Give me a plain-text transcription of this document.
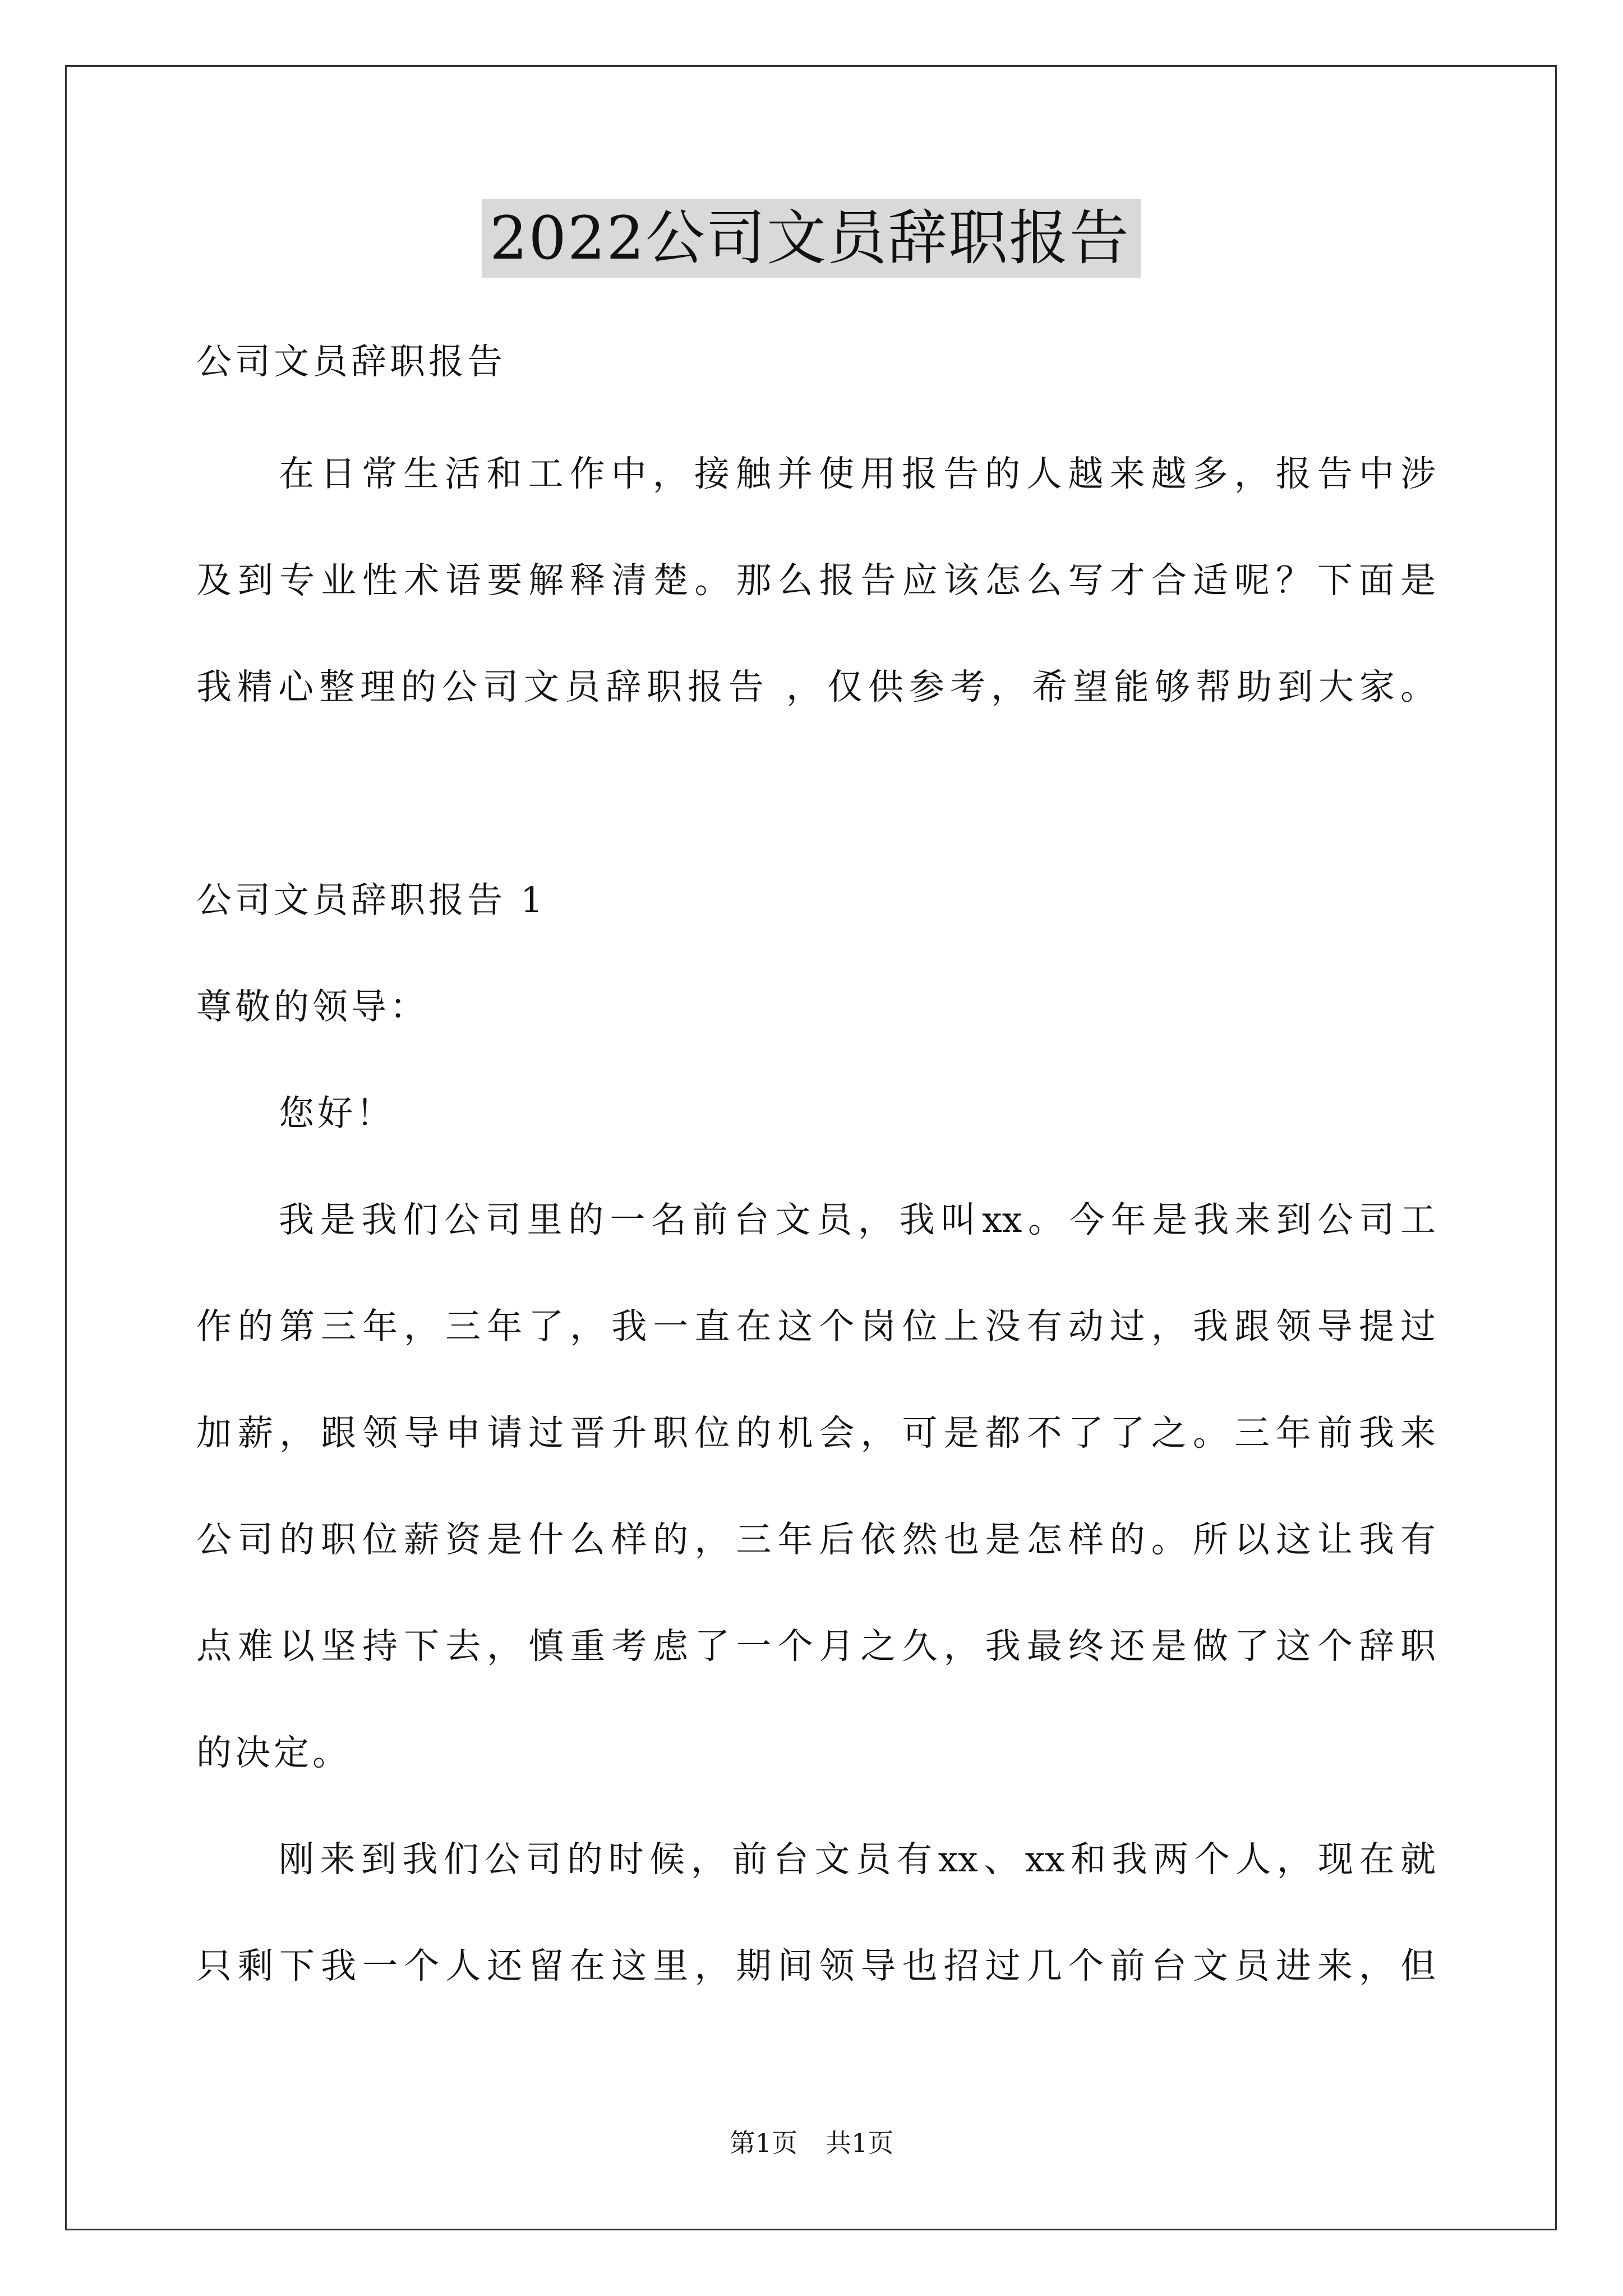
2022公司文员辞职报告
公司文员辞职报告
在日常生活和工作中，接触并使用报告的人越来越多，报告中涉
及到专业性术语要解释清楚。那么报告应该怎么写才合适呢？下面是
我精心整理的公司文员辞职报告 ，仅供参考，希望能够帮助到大家。
公司文员辞职报告 1
尊敬的领导：
您好！
我是我们公司里的一名前台文员，我叫xx。今年是我来到公司工
作的第三年，三年了，我一直在这个岗位上没有动过，我跟领导提过
加薪，跟领导申请过晋升职位的机会，可是都不了了之。三年前我来
公司的职位薪资是什么样的，三年后依然也是怎样的。所以这让我有
点难以坚持下去，慎重考虑了一个月之久，我最终还是做了这个辞职
的决定。
刚来到我们公司的时候，前台文员有xx、xx和我两个人，现在就
只剩下我一个人还留在这里，期间领导也招过几个前台文员进来，但
第1页 共1页
